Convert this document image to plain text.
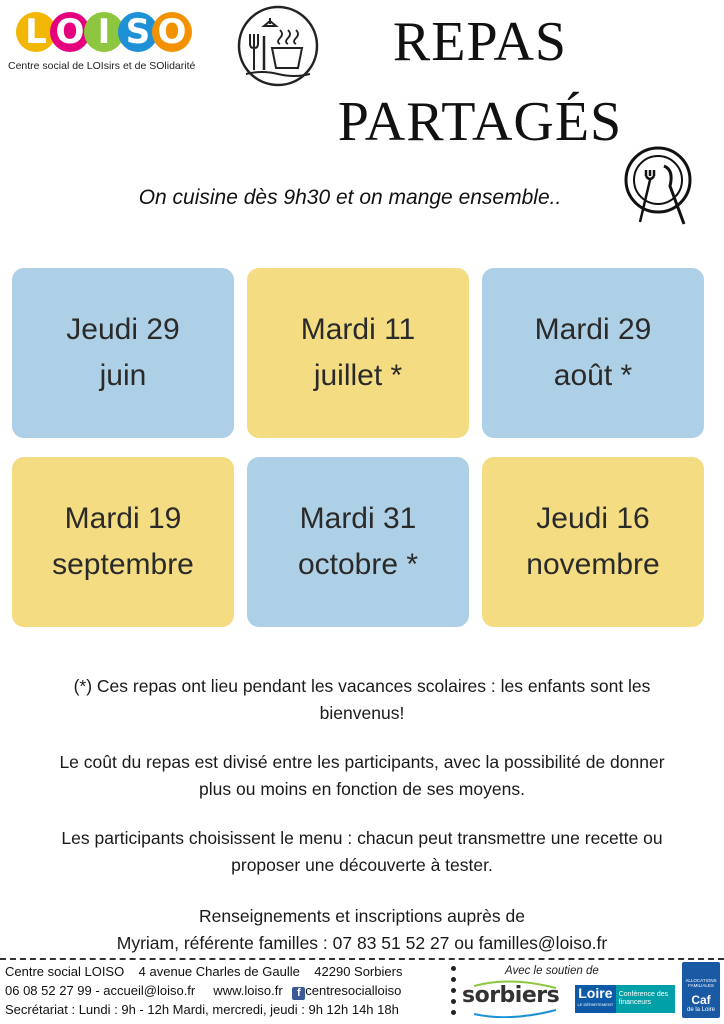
L O I S O
Centre social de LOIsirs et de SOlidarité	REPAS
PARTAGÉS
On cuisine dès 9h30 et on mange ensemble..
Jeudi 29
juin
Mardi 11
juillet *
Mardi 29
août *
Mardi 19
septembre
Mardi 31
octobre *
Jeudi 16
novembre
(*) Ces repas ont lieu pendant les vacances scolaires : les enfants sont les
bienvenus!
Le coût du repas est divisé entre les participants, avec la possibilité de donner
plus ou moins en fonction de ses moyens.
Les participants choisissent le menu : chacun peut transmettre une recette ou
proposer une découverte à tester.
Renseignements et inscriptions auprès de
Myriam, référente familles : 07 83 51 52 27 ou familles@loiso.fr
Centre social LOISO    4 avenue Charles de Gaulle    42290 Sorbiers
06 08 52 27 99 - accueil@loiso.fr     www.loiso.fr f centresocialloiso
Secrétariat : Lundi : 9h - 12h Mardi, mercredi, jeudi : 9h 12h 14h 18h
Avec le soutien de
sorbiers Loire
LE DÉPARTEMENT
Conférence des financeurs
ALLOCATIONS FAMILIALES
Caf
de la Loire
